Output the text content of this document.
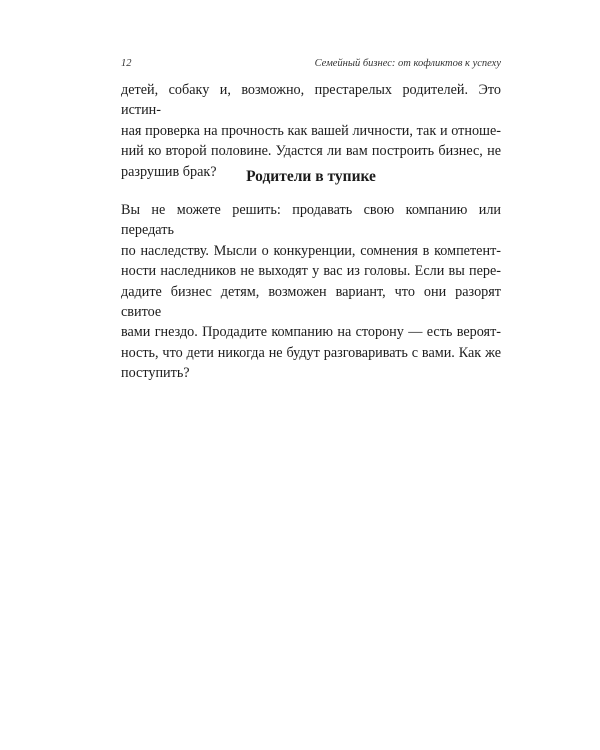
12	Семейный бизнес: от кофликтов к успеху
детей, собаку и, возможно, престарелых родителей. Это истин-
ная проверка на прочность как вашей личности, так и отноше-
ний ко второй половине. Удастся ли вам построить бизнес, не
разрушив брак?	Родители в тупике
Вы не можете решить: продавать свою компанию или передать
по наследству. Мысли о конкуренции, сомнения в компетент-
ности наследников не выходят у вас из головы. Если вы пере-
дадите бизнес детям, возможен вариант, что они разорят свитое
вами гнездо. Продадите компанию на сторону — есть вероят-
ность, что дети никогда не будут разговаривать с вами. Как же
поступить?
